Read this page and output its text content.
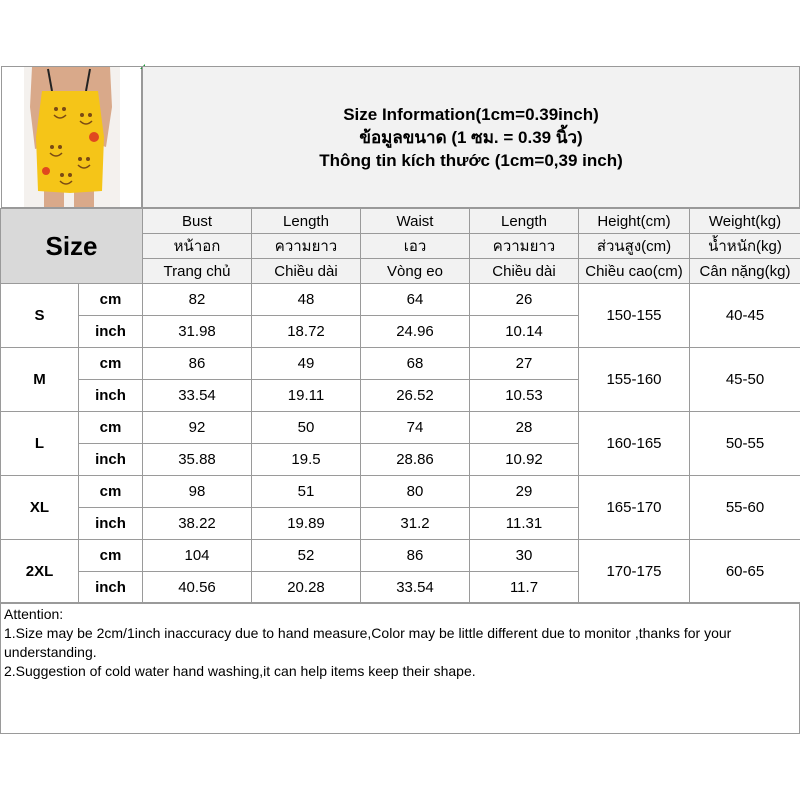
Size Information(1cm=0.39inch)
ข้อมูลขนาด (1 ซม. = 0.39 นิ้ว)
Thông tin kích thước (1cm=0,39 inch)
Size		Bust	Length	Waist	Length	Height(cm)	Weight(kg)
		หน้าอก	ความยาว	เอว	ความยาว	ส่วนสูง(cm)	น้ำหนัก(kg)
		Trang chủ	Chiều dài	Vòng eo	Chiều dài	Chiều cao(cm)	Cân nặng(kg)
S	cm	82	48	64	26	150-155	40-45
	inch	31.98	18.72	24.96	10.14		
M	cm	86	49	68	27	155-160	45-50
	inch	33.54	19.11	26.52	10.53		
L	cm	92	50	74	28	160-165	50-55
	inch	35.88	19.5	28.86	10.92		
XL	cm	98	51	80	29	165-170	55-60
	inch	38.22	19.89	31.2	11.31		
2XL	cm	104	52	86	30	170-175	60-65
	inch	40.56	20.28	33.54	11.7		
Attention:
1.Size may be 2cm/1inch inaccuracy due to hand measure,Color may be little different due to monitor ,thanks for your understanding.
2.Suggestion of cold water hand washing,it can help items keep their shape.
